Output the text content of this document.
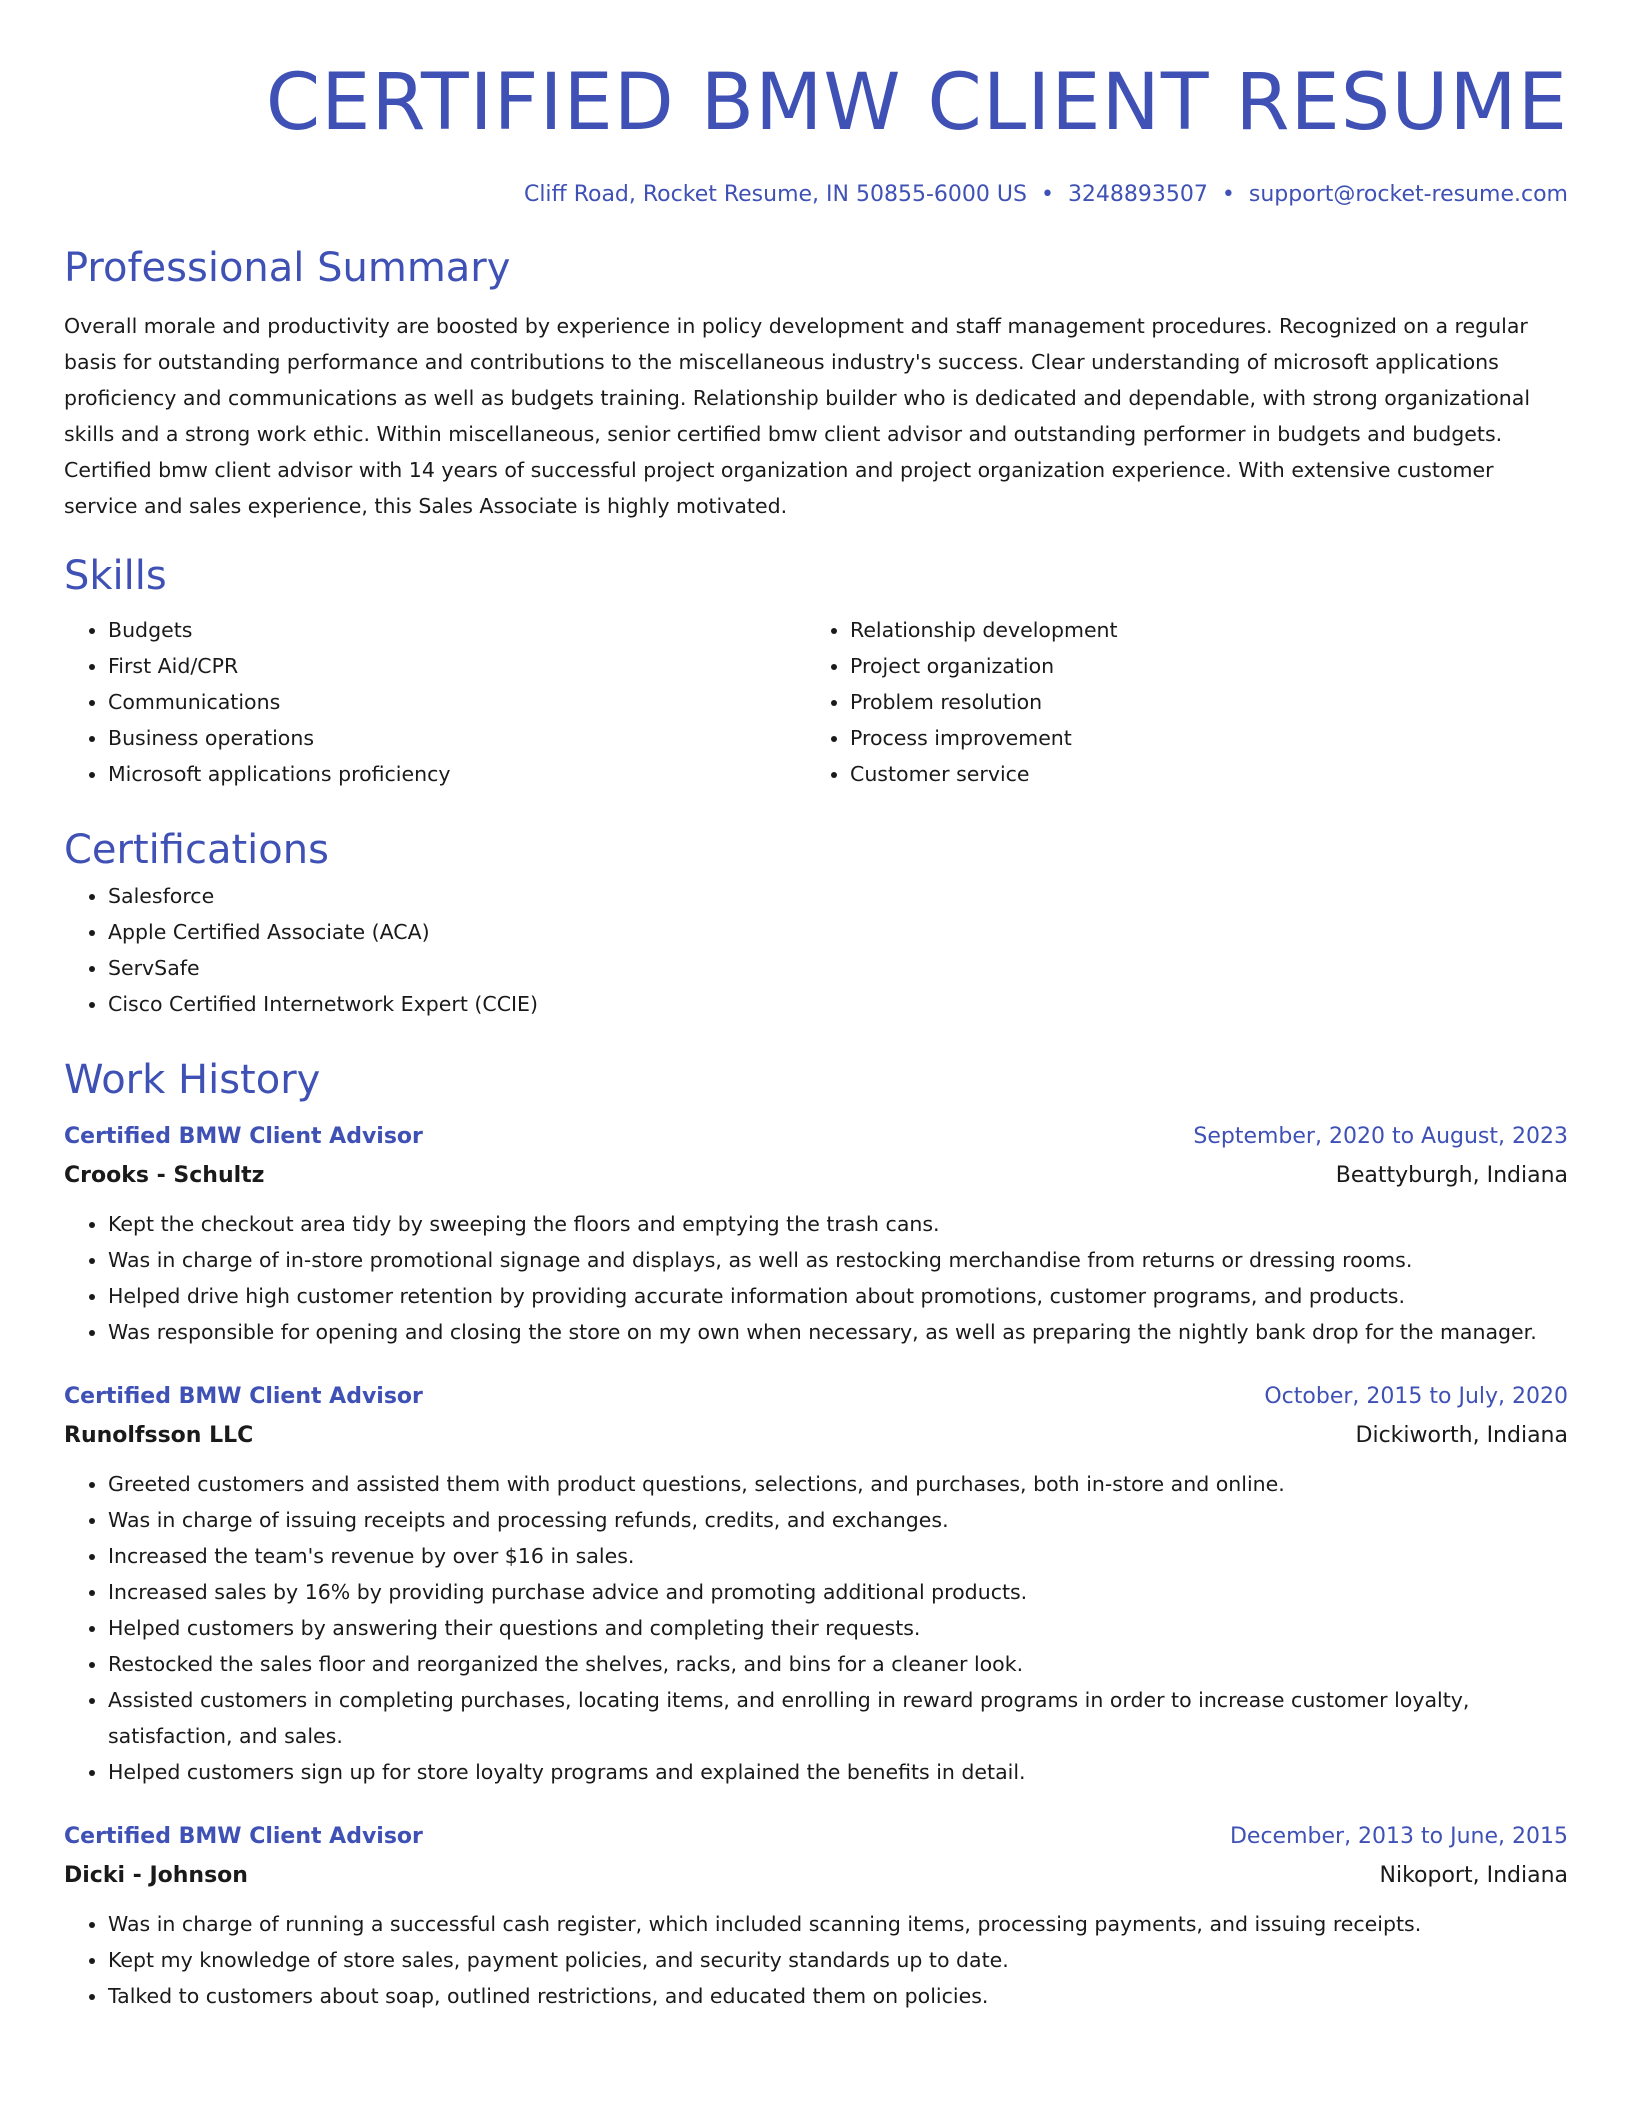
CERTIFIED BMW CLIENT RESUME
Cliff Road, Rocket Resume, IN 50855-6000 US • 3248893507 • support@rocket-resume.com
Professional Summary

Overall morale and productivity are boosted by experience in policy development and staff management procedures. Recognized on a regular basis for outstanding performance and contributions to the miscellaneous industry's success. Clear understanding of microsoft applications proficiency and communications as well as budgets training. Relationship builder who is dedicated and dependable, with strong organizational skills and a strong work ethic. Within miscellaneous, senior certified bmw client advisor and outstanding performer in budgets and budgets. Certified bmw client advisor with 14 years of successful project organization and project organization experience. With extensive customer service and sales experience, this Sales Associate is highly motivated.

Skills
• Budgets
• First Aid/CPR
• Communications
• Business operations
• Microsoft applications proficiency
• Relationship development
• Project organization
• Problem resolution
• Process improvement
• Customer service
Certifications
• Salesforce
• Apple Certified Associate (ACA)
• ServSafe
• Cisco Certified Internetwork Expert (CCIE)
Work History
Certified BMW Client Advisor	September, 2020 to August, 2023
Crooks - Schultz	Beattyburgh, Indiana
• Kept the checkout area tidy by sweeping the floors and emptying the trash cans.
• Was in charge of in-store promotional signage and displays, as well as restocking merchandise from returns or dressing rooms.
• Helped drive high customer retention by providing accurate information about promotions, customer programs, and products.
• Was responsible for opening and closing the store on my own when necessary, as well as preparing the nightly bank drop for the manager.
Certified BMW Client Advisor	October, 2015 to July, 2020
Runolfsson LLC	Dickiworth, Indiana
• Greeted customers and assisted them with product questions, selections, and purchases, both in-store and online.
• Was in charge of issuing receipts and processing refunds, credits, and exchanges.
• Increased the team's revenue by over $16 in sales.
• Increased sales by 16% by providing purchase advice and promoting additional products.
• Helped customers by answering their questions and completing their requests.
• Restocked the sales floor and reorganized the shelves, racks, and bins for a cleaner look.
• Assisted customers in completing purchases, locating items, and enrolling in reward programs in order to increase customer loyalty, satisfaction, and sales.
• Helped customers sign up for store loyalty programs and explained the benefits in detail.
Certified BMW Client Advisor	December, 2013 to June, 2015
Dicki - Johnson	Nikoport, Indiana
• Was in charge of running a successful cash register, which included scanning items, processing payments, and issuing receipts.
• Kept my knowledge of store sales, payment policies, and security standards up to date.
• Talked to customers about soap, outlined restrictions, and educated them on policies.
